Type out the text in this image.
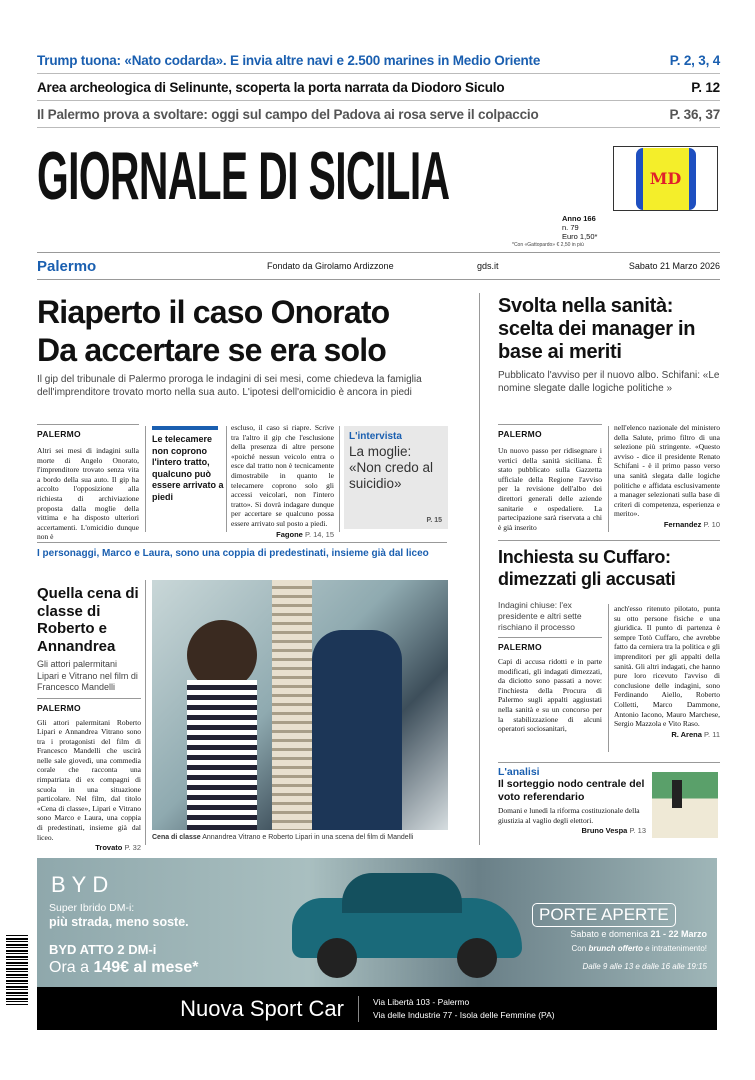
Trump tuona: «Nato codarda». E invia altre navi e 2.500 marines in Medio Oriente	P. 2, 3, 4
Area archeologica di Selinunte, scoperta la porta narrata da Diodoro Siculo	P. 12
Il Palermo prova a svoltare: oggi sul campo del Padova ai rosa serve il colpaccio	P. 36, 37
GIORNALE DI SICILIA
Anno 166
n. 79
Euro 1,50*
*Con «Gattopardo» € 2,50 in più
MD
Palermo	Fondato da Girolamo Ardizzone	gds.it	Sabato 21 Marzo 2026
Riaperto il caso Onorato
Da accertare se era solo
Il gip del tribunale di Palermo proroga le indagini di sei mesi, come chiedeva la famiglia dell'imprenditore trovato morto nella sua auto. L'ipotesi dell'omicidio è ancora in piedi
PALERMO
Altri sei mesi di indagini sulla morte di Angelo Onorato, l'imprenditore trovato senza vita a bordo della sua auto. Il gip ha accolto l'opposizione alla richiesta di archiviazione proposta dalla moglie della vittima e ha disposto ulteriori accertamenti. L'omicidio dunque non è
Le telecamere non coprono l'intero tratto, qualcuno può essere arrivato a piedi
escluso, il caso si riapre. Scrive tra l'altro il gip che l'esclusione della presenza di altre persone «poiché nessun veicolo entra o esce dal tratto non è tecnicamente dimostrabile in quanto le telecamere coprono solo gli accessi veicolari, non l'intero tratto». Si dovrà indagare dunque per accertare se qualcuno possa essere arrivato sul posto a piedi.
Fagone P. 14, 15
L'intervista
La moglie: «Non credo al suicidio»
P. 15
Svolta nella sanità: scelta dei manager in base ai meriti
Pubblicato l'avviso per il nuovo albo. Schifani: «Le nomine slegate dalle logiche politiche »
PALERMO
Un nuovo passo per ridisegnare i vertici della sanità siciliana. È stato pubblicato sulla Gazzetta ufficiale della Regione l'avviso per la revisione dell'albo dei direttori generali delle aziende sanitarie e ospedaliere. La partecipazione sarà riservata a chi è già inserito
nell'elenco nazionale del ministero della Salute, primo filtro di una selezione più stringente. «Questo avviso - dice il presidente Renato Schifani - è il primo passo verso una sanità slegata dalle logiche politiche e affidata esclusivamente a manager selezionati sulla base di criteri di competenza, esperienza e merito».
Fernandez P. 10
I personaggi, Marco e Laura, sono una coppia di predestinati, insieme già dal liceo
Quella cena di classe di Roberto e Annandrea
Gli attori palermitani Lipari e Vitrano nel film di Francesco Mandelli
PALERMO
Gli attori palermitani Roberto Lipari e Annandrea Vitrano sono tra i protagonisti del film di Francesco Mandelli che uscirà nelle sale giovedì, una commedia corale che racconta una rimpatriata di ex compagni di scuola in una situazione particolare. Nel film, dal titolo «Cena di classe», Lipari e Vitrano sono Marco e Laura, una coppia di predestinati, insieme già dal liceo.
Trovato P. 32
Cena di classe Annandrea Vitrano e Roberto Lipari in una scena del film di Mandelli
Inchiesta su Cuffaro: dimezzati gli accusati
Indagini chiuse: l'ex presidente e altri sette rischiano il processo
PALERMO
Capi di accusa ridotti e in parte modificati, gli indagati dimezzati, da diciotto sono passati a nove: l'inchiesta della Procura di Palermo sugli appalti aggiustati nella sanità e su un concorso per la stabilizzazione di alcuni operatori sociosanitari,
anch'esso ritenuto pilotato, punta su otto persone fisiche e una giuridica. Il punto di partenza è sempre Totò Cuffaro, che avrebbe fatto da cerniera tra la politica e gli imprenditori per gli appalti della sanità. Gli altri indagati, che hanno pure loro ricevuto l'avviso di conclusione delle indagini, sono Ferdinando Aiello, Roberto Colletti, Marco Dammone, Antonio Iacono, Mauro Marchese, Sergio Mazzola e Vito Raso.
R. Arena P. 11
L'analisi
Il sorteggio nodo centrale del voto referendario
Domani e lunedì la riforma costituzionale della giustizia al vaglio degli elettori.
Bruno Vespa P. 13
BYD
Super Ibrido DM-i:
più strada, meno soste.
BYD ATTO 2 DM-i
Ora a 149€ al mese*
PORTE APERTE
Sabato e domenica 21 - 22 Marzo
Con brunch offerto e intrattenimento!
Dalle 9 alle 13 e dalle 16 alle 19:15
Nuova Sport Car	Via Libertà 103 - Palermo
Via delle Industrie 77 - Isola delle Femmine (PA)
